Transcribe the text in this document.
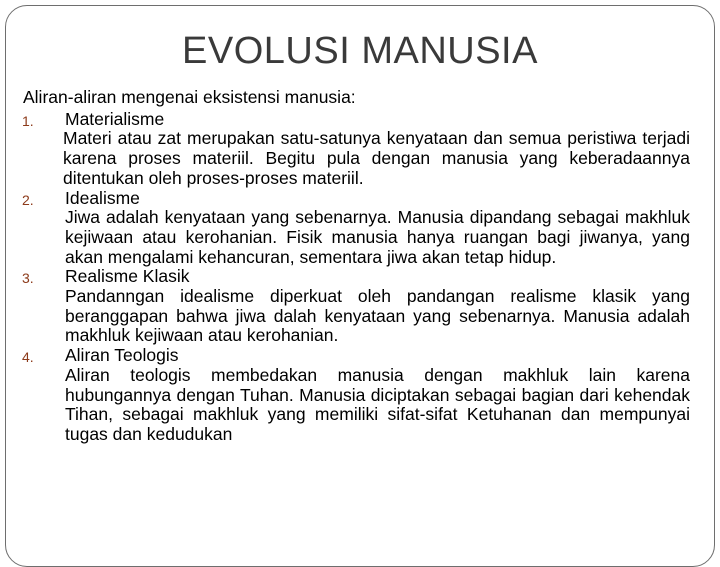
EVOLUSI MANUSIA
Aliran-aliran mengenai eksistensi manusia:
1.	Materialisme
Materi atau zat merupakan satu-satunya kenyataan dan semua peristiwa terjadi karena proses materiil. Begitu pula dengan manusia yang keberadaannya ditentukan oleh proses-proses materiil.
2.	Idealisme
Jiwa adalah kenyataan yang sebenarnya. Manusia dipandang sebagai makhluk kejiwaan atau kerohanian. Fisik manusia hanya ruangan bagi jiwanya, yang akan mengalami kehancuran, sementara jiwa akan tetap hidup.
3.	Realisme Klasik
Pandanngan idealisme diperkuat oleh pandangan realisme klasik yang beranggapan bahwa jiwa dalah kenyataan yang sebenarnya. Manusia adalah makhluk kejiwaan atau kerohanian.
4.	Aliran Teologis
Aliran teologis membedakan manusia dengan makhluk lain karena hubungannya dengan Tuhan. Manusia diciptakan sebagai bagian dari kehendak Tihan, sebagai makhluk yang memiliki sifat-sifat Ketuhanan dan mempunyai tugas dan kedudukan
